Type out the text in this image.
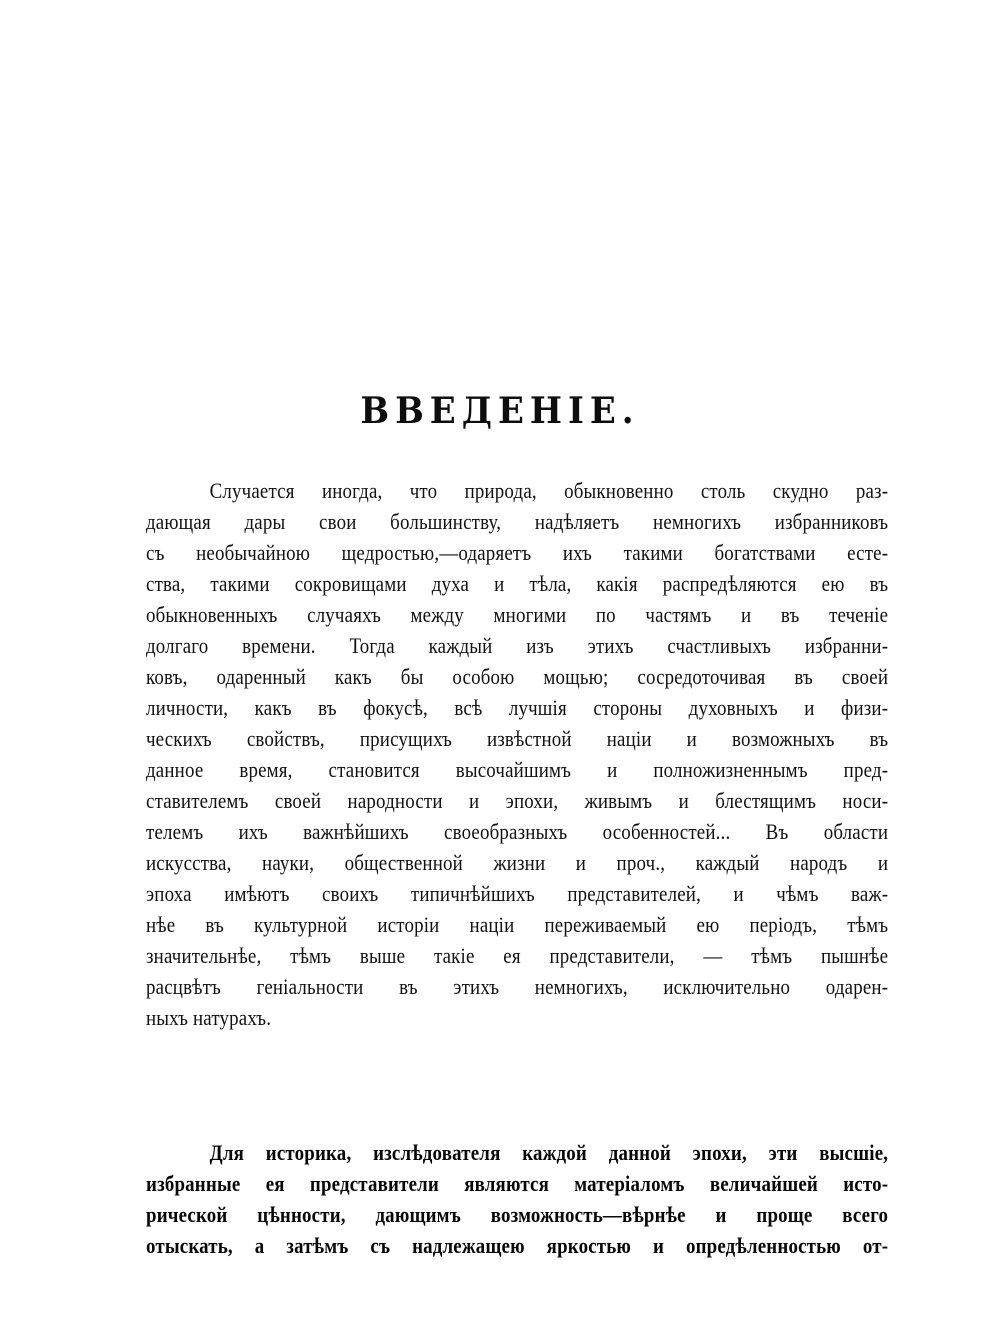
ВВЕДЕНІЕ.
Случается иногда, что природа, обыкновенно столь скудно раз-
дающая дары свои большинству, надѣляетъ немногихъ избранниковъ
съ необычайною щедростью,—одаряетъ ихъ такими богатствами есте-
ства, такими сокровищами духа и тѣла, какія распредѣляются ею въ
обыкновенныхъ случаяхъ между многими по частямъ и въ теченіе
долгаго времени. Тогда каждый изъ этихъ счастливыхъ избранни-
ковъ, одаренный какъ бы особою мощью; сосредоточивая въ своей
личности, какъ въ фокусѣ, всѣ лучшія стороны духовныхъ и физи-
ческихъ свойствъ, присущихъ извѣстной націи и возможныхъ въ
данное время, становится высочайшимъ и полножизненнымъ пред-
ставителемъ своей народности и эпохи, живымъ и блестящимъ носи-
телемъ ихъ важнѣйшихъ своеобразныхъ особенностей... Въ области
искусства, науки, общественной жизни и проч., каждый народъ и
эпоха имѣютъ своихъ типичнѣйшихъ представителей, и чѣмъ важ-
нѣе въ культурной исторіи націи переживаемый ею періодъ, тѣмъ
значительнѣе, тѣмъ выше такіе ея представители, — тѣмъ пышнѣе
расцвѣтъ геніальности въ этихъ немногихъ, исключительно одарен-
ныхъ натурахъ.
Для историка, изслѣдователя каждой данной эпохи, эти высшіе,
избранные ея представители являются матеріаломъ величайшей исто-
рической цѣнности, дающимъ возможность—вѣрнѣе и проще всего
отыскать, а затѣмъ съ надлежащею яркостью и опредѣленностью от-
